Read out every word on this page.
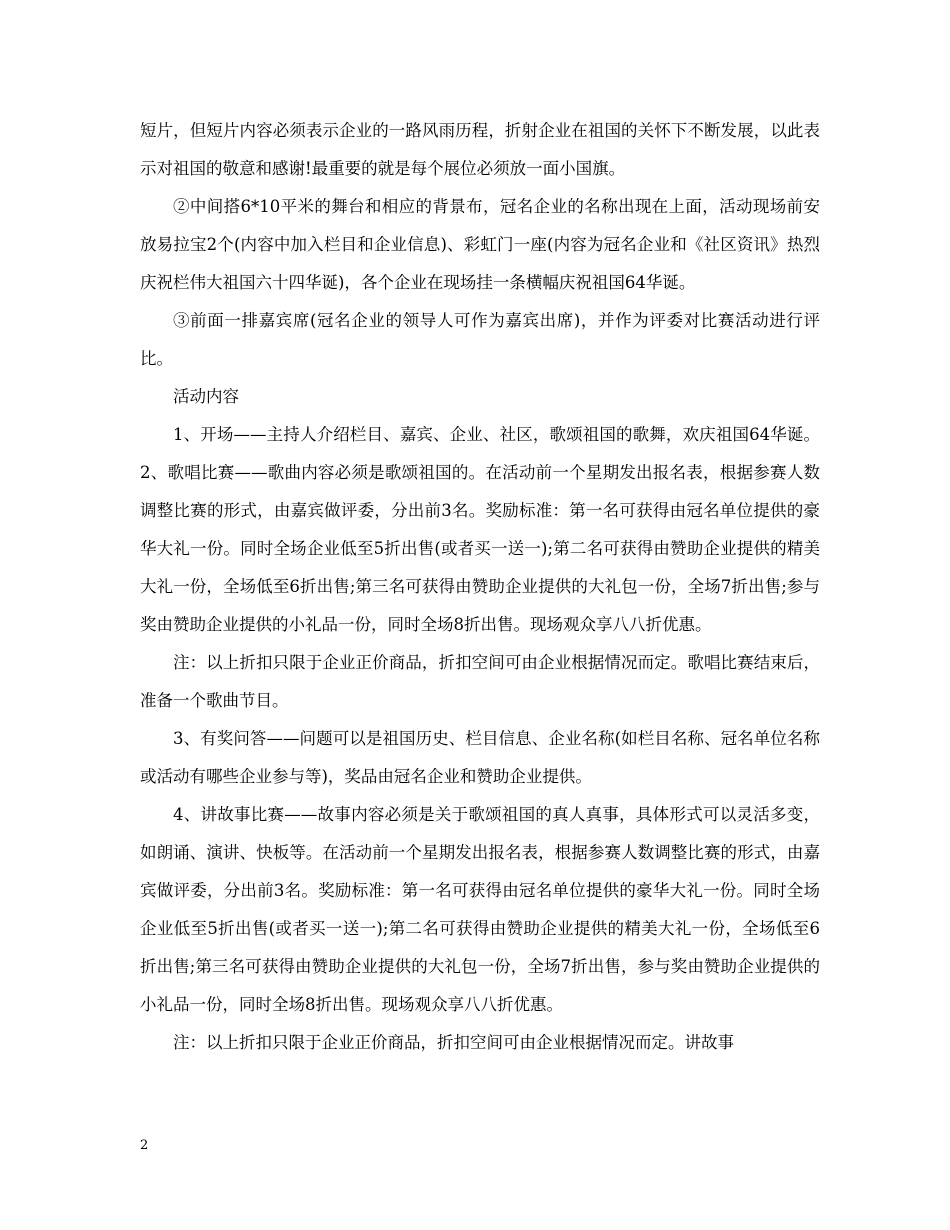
短片，但短片内容必须表示企业的一路风雨历程，折射企业在祖国的关怀下不断发展，以此表示对祖国的敬意和感谢!最重要的就是每个展位必须放一面小国旗。

②中间搭6*10平米的舞台和相应的背景布，冠名企业的名称出现在上面，活动现场前安放易拉宝2个(内容中加入栏目和企业信息)、彩虹门一座(内容为冠名企业和《社区资讯》热烈庆祝栏伟大祖国六十四华诞)，各个企业在现场挂一条横幅庆祝祖国64华诞。

③前面一排嘉宾席(冠名企业的领导人可作为嘉宾出席)，并作为评委对比赛活动进行评比。

活动内容

1、开场——主持人介绍栏目、嘉宾、企业、社区，歌颂祖国的歌舞，欢庆祖国64华诞。 2、歌唱比赛——歌曲内容必须是歌颂祖国的。在活动前一个星期发出报名表，根据参赛人数调整比赛的形式，由嘉宾做评委，分出前3名。奖励标准：第一名可获得由冠名单位提供的豪华大礼一份。同时全场企业低至5折出售(或者买一送一);第二名可获得由赞助企业提供的精美大礼一份，全场低至6折出售;第三名可获得由赞助企业提供的大礼包一份，全场7折出售;参与奖由赞助企业提供的小礼品一份，同时全场8折出售。现场观众享八八折优惠。

注：以上折扣只限于企业正价商品，折扣空间可由企业根据情况而定。歌唱比赛结束后，准备一个歌曲节目。

3、有奖问答——问题可以是祖国历史、栏目信息、企业名称(如栏目名称、冠名单位名称或活动有哪些企业参与等)，奖品由冠名企业和赞助企业提供。

4、讲故事比赛——故事内容必须是关于歌颂祖国的真人真事，具体形式可以灵活多变，如朗诵、演讲、快板等。在活动前一个星期发出报名表，根据参赛人数调整比赛的形式，由嘉宾做评委，分出前3名。奖励标准：第一名可获得由冠名单位提供的豪华大礼一份。同时全场企业低至5折出售(或者买一送一);第二名可获得由赞助企业提供的精美大礼一份，全场低至6折出售;第三名可获得由赞助企业提供的大礼包一份，全场7折出售，参与奖由赞助企业提供的小礼品一份，同时全场8折出售。现场观众享八八折优惠。

注：以上折扣只限于企业正价商品，折扣空间可由企业根据情况而定。讲故事

2
